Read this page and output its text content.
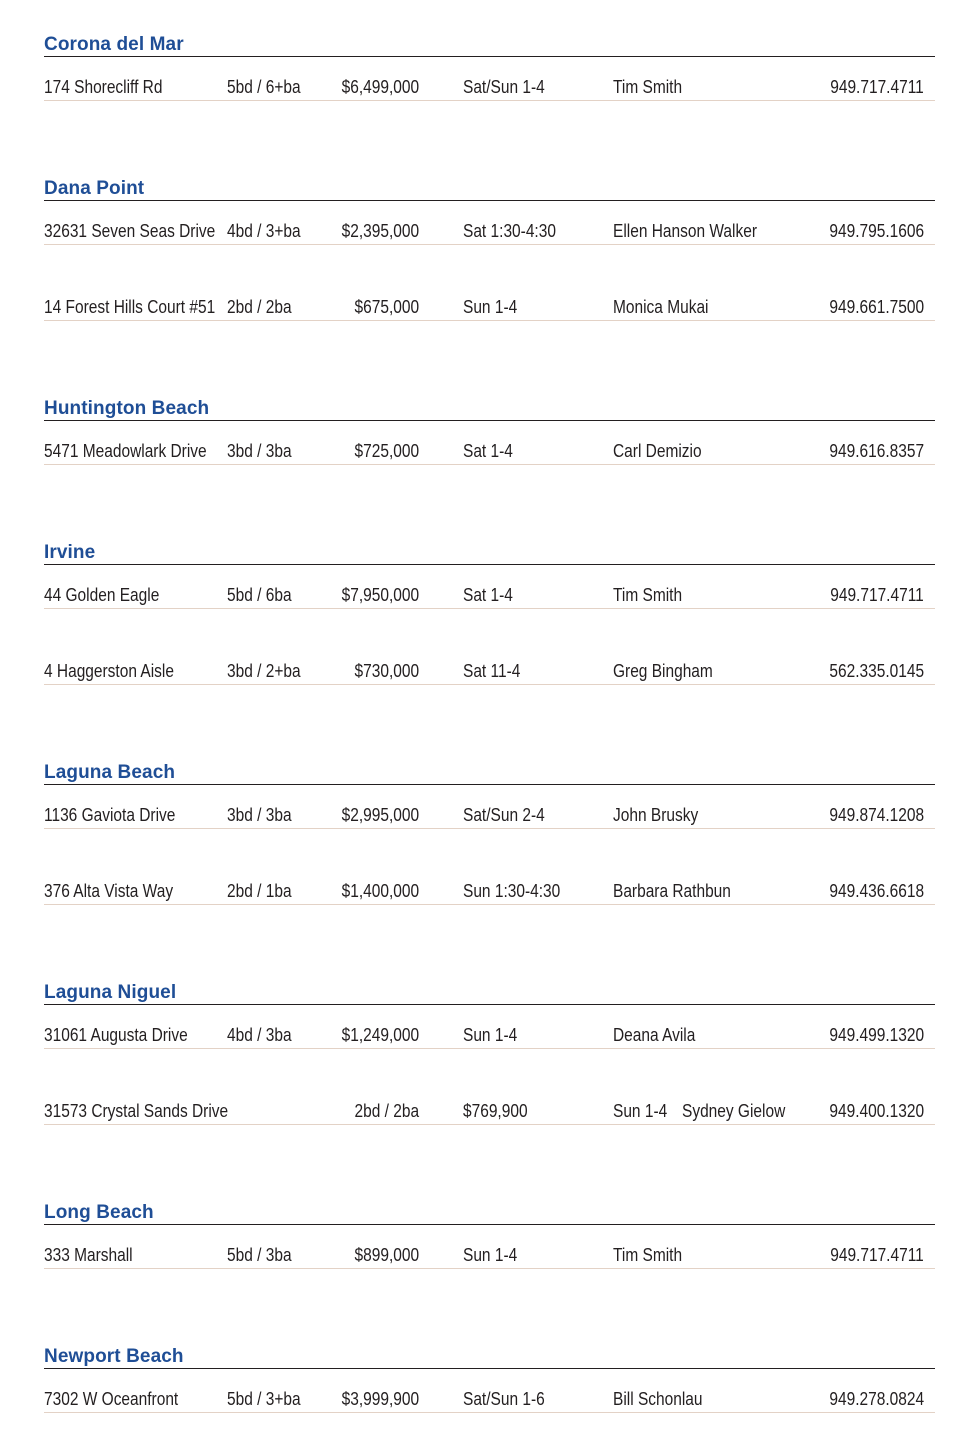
Corona del Mar
174 Shorecliff Rd	5bd / 6+ba $6,499,000 Sat/Sun 1-4	Tim Smith	949.717.4711
Dana Point
32631 Seven Seas Drive 4bd / 3+ba $2,395,000 Sat 1:30-4:30	Ellen Hanson Walker	949.795.1606
14 Forest Hills Court #51 2bd / 2ba	$675,000 Sun 1-4	Monica Mukai	949.661.7500
Huntington Beach
5471 Meadowlark Drive 3bd / 3ba	$725,000 Sat 1-4	Carl Demizio	949.616.8357
Irvine
44 Golden Eagle	5bd / 6ba	$7,950,000 Sat 1-4	Tim Smith	949.717.4711
4 Haggerston Aisle	3bd / 2+ba	$730,000 Sat 11-4	Greg Bingham	562.335.0145
Laguna Beach
1136 Gaviota Drive	3bd / 3ba	$2,995,000 Sat/Sun 2-4	John Brusky	949.874.1208
376 Alta Vista Way	2bd / 1ba	$1,400,000 Sun 1:30-4:30	Barbara Rathbun	949.436.6618
Laguna Niguel
31061 Augusta Drive 4bd / 3ba	$1,249,000 Sun 1-4	Deana Avila	949.499.1320
31573 Crystal Sands Drive	2bd / 2ba $769,900	Sun 1-4 Sydney Gielow 949.400.1320
Long Beach
333 Marshall	5bd / 3ba	$899,000 Sun 1-4	Tim Smith	949.717.4711
Newport Beach
7302 W Oceanfront	5bd / 3+ba $3,999,900 Sat/Sun 1-6	Bill Schonlau	949.278.0824
